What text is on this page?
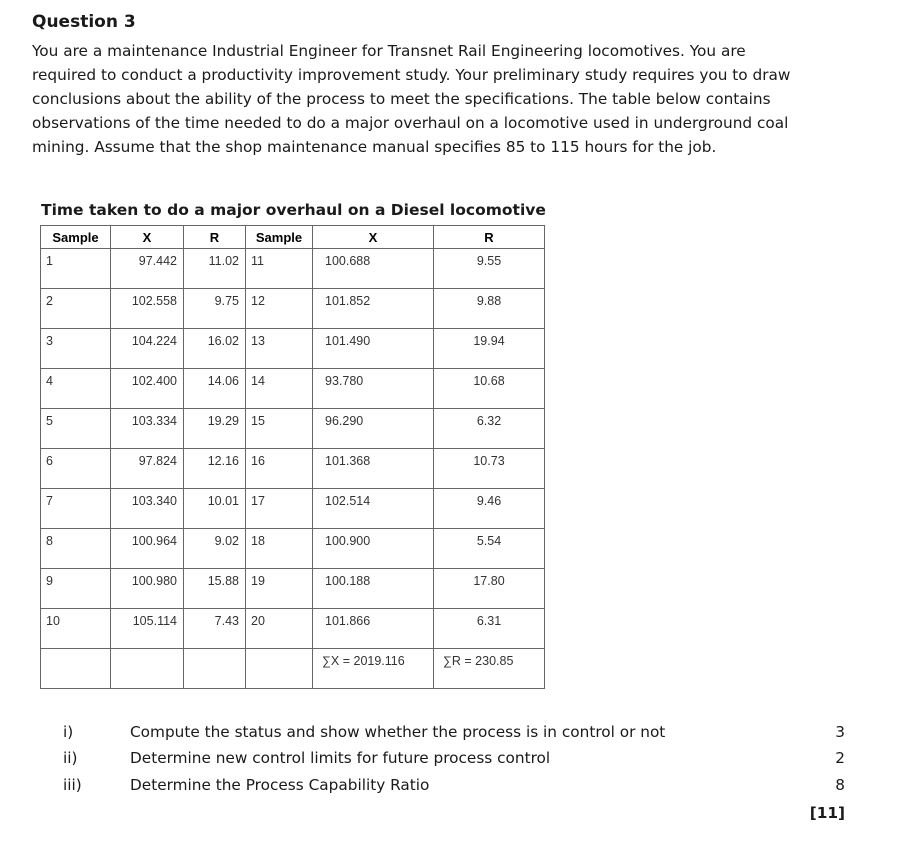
Question 3

You are a maintenance Industrial Engineer for Transnet Rail Engineering locomotives. You are

required to conduct a productivity improvement study. Your preliminary study requires you to draw

conclusions about the ability of the process to meet the specifications. The table below contains

observations of the time needed to do a major overhaul on a locomotive used in underground coal

mining. Assume that the shop maintenance manual specifies 85 to 115 hours for the job.

Time taken to do a major overhaul on a Diesel locomotive
Sample	X	R	Sample	X	R

1	97.442	11.02	11	100.688	9.55

2	102.558	9.75	12	101.852	9.88

3	104.224	16.02	13	101.490	19.94

4	102.400	14.06	14	93.780	10.68

5	103.334	19.29	15	96.290	6.32

6	97.824	12.16	16	101.368	10.73

7	103.340	10.01	17	102.514	9.46

8	100.964	9.02	18	100.900	5.54

9	100.980	15.88	19	100.188	17.80

10	105.114	7.43	20	101.866	6.31

				∑X = 2019.116	∑R = 230.85
i)	Compute the status and show whether the process is in control or not	3
ii)	Determine new control limits for future process control	2
iii)	Determine the Process Capability Ratio	8
[11]
